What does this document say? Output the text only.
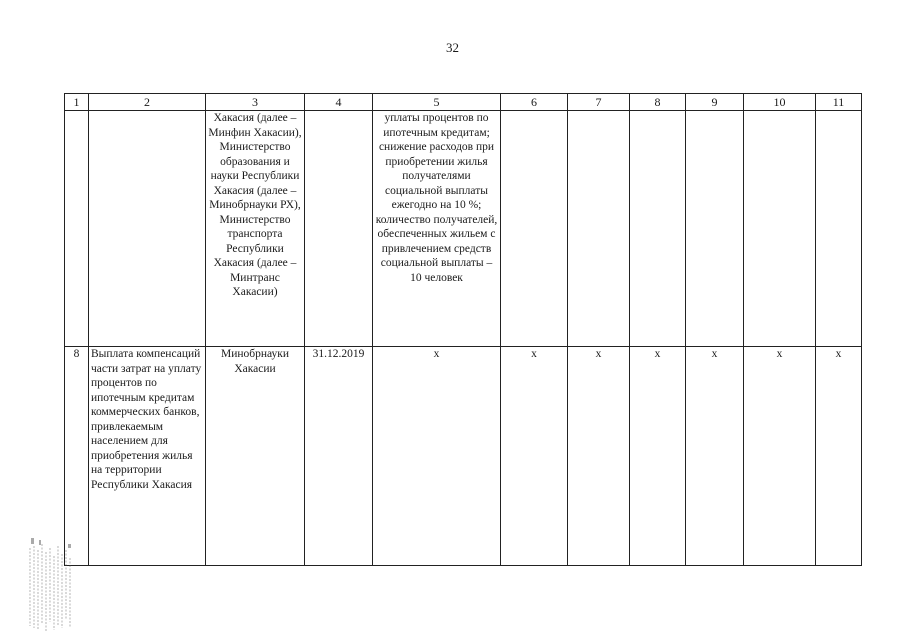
32
1	2	3	4	5	6	7	8	9	10	11
		Хакасия (далее – Минфин Хакасии), Министерство образования и науки Республики Хакасия (далее – Минобрнауки РХ), Министерство транспорта Республики Хакасия (далее – Минтранс Хакасии)		уплаты процентов по ипотечным кредитам; снижение расходов при приобретении жилья получателями социальной выплаты ежегодно на 10 %; количество получателей, обеспеченных жильем с привлечением средств социальной выплаты – 10 человек						
8	Выплата компенсаций части затрат на уплату процентов по ипотечным кредитам коммерческих банков, привлекаемым населением для приобретения жилья на территории Республики Хакасия	Минобрнауки Хакасии	31.12.2019	х	х	х	х	х	х	х
